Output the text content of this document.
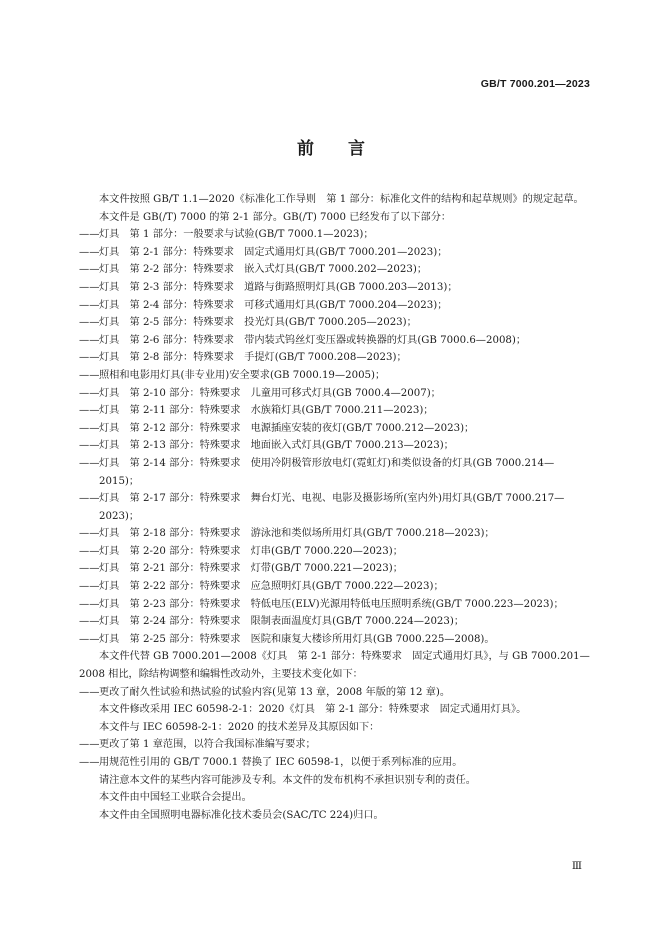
GB/T 7000.201—2023
前言
本文件按照 GB/T 1.1—2020《标准化工作导则　第 1 部分：标准化文件的结构和起草规则》的规定起草。
本文件是 GB(/T) 7000 的第 2-1 部分。GB(/T) 7000 已经发布了以下部分：
—— 灯具　第 1 部分：一般要求与试验(GB/T 7000.1—2023)；
—— 灯具　第 2-1 部分：特殊要求　固定式通用灯具(GB/T 7000.201—2023)；
—— 灯具　第 2-2 部分：特殊要求　嵌入式灯具(GB/T 7000.202—2023)；
—— 灯具　第 2-3 部分：特殊要求　道路与街路照明灯具(GB 7000.203—2013)；
—— 灯具　第 2-4 部分：特殊要求　可移式通用灯具(GB/T 7000.204—2023)；
—— 灯具　第 2-5 部分：特殊要求　投光灯具(GB/T 7000.205—2023)；
—— 灯具　第 2-6 部分：特殊要求　带内装式钨丝灯变压器或转换器的灯具(GB 7000.6—2008)；
—— 灯具　第 2-8 部分：特殊要求　手提灯(GB/T 7000.208—2023)；
—— 照相和电影用灯具(非专业用)安全要求(GB 7000.19—2005)；
—— 灯具　第 2-10 部分：特殊要求　儿童用可移式灯具(GB 7000.4—2007)；
—— 灯具　第 2-11 部分：特殊要求　水族箱灯具(GB/T 7000.211—2023)；
—— 灯具　第 2-12 部分：特殊要求　电源插座安装的夜灯(GB/T 7000.212—2023)；
—— 灯具　第 2-13 部分：特殊要求　地面嵌入式灯具(GB/T 7000.213—2023)；
—— 灯具　第 2-14 部分：特殊要求　使用冷阴极管形放电灯(霓虹灯)和类似设备的灯具(GB 7000.214—2015)；
—— 灯具　第 2-17 部分：特殊要求　舞台灯光、电视、电影及摄影场所(室内外)用灯具(GB/T 7000.217—2023)；
—— 灯具　第 2-18 部分：特殊要求　游泳池和类似场所用灯具(GB/T 7000.218—2023)；
—— 灯具　第 2-20 部分：特殊要求　灯串(GB/T 7000.220—2023)；
—— 灯具　第 2-21 部分：特殊要求　灯带(GB/T 7000.221—2023)；
—— 灯具　第 2-22 部分：特殊要求　应急照明灯具(GB/T 7000.222—2023)；
—— 灯具　第 2-23 部分：特殊要求　特低电压(ELV)光源用特低电压照明系统(GB/T 7000.223—2023)；
—— 灯具　第 2-24 部分：特殊要求　限制表面温度灯具(GB/T 7000.224—2023)；
—— 灯具　第 2-25 部分：特殊要求　医院和康复大楼诊所用灯具(GB 7000.225—2008)。
本文件代替 GB 7000.201—2008《灯具　第 2-1 部分：特殊要求　固定式通用灯具》，与 GB 7000.201—2008 相比，除结构调整和编辑性改动外，主要技术变化如下：
—— 更改了耐久性试验和热试验的试验内容(见第 13 章，2008 年版的第 12 章)。
本文件修改采用 IEC 60598-2-1：2020《灯具　第 2-1 部分：特殊要求　固定式通用灯具》。
本文件与 IEC 60598-2-1：2020 的技术差异及其原因如下：
—— 更改了第 1 章范围，以符合我国标准编写要求；
—— 用规范性引用的 GB/T 7000.1 替换了 IEC 60598-1，以便于系列标准的应用。
请注意本文件的某些内容可能涉及专利。本文件的发布机构不承担识别专利的责任。
本文件由中国轻工业联合会提出。
本文件由全国照明电器标准化技术委员会(SAC/TC 224)归口。
Ⅲ
